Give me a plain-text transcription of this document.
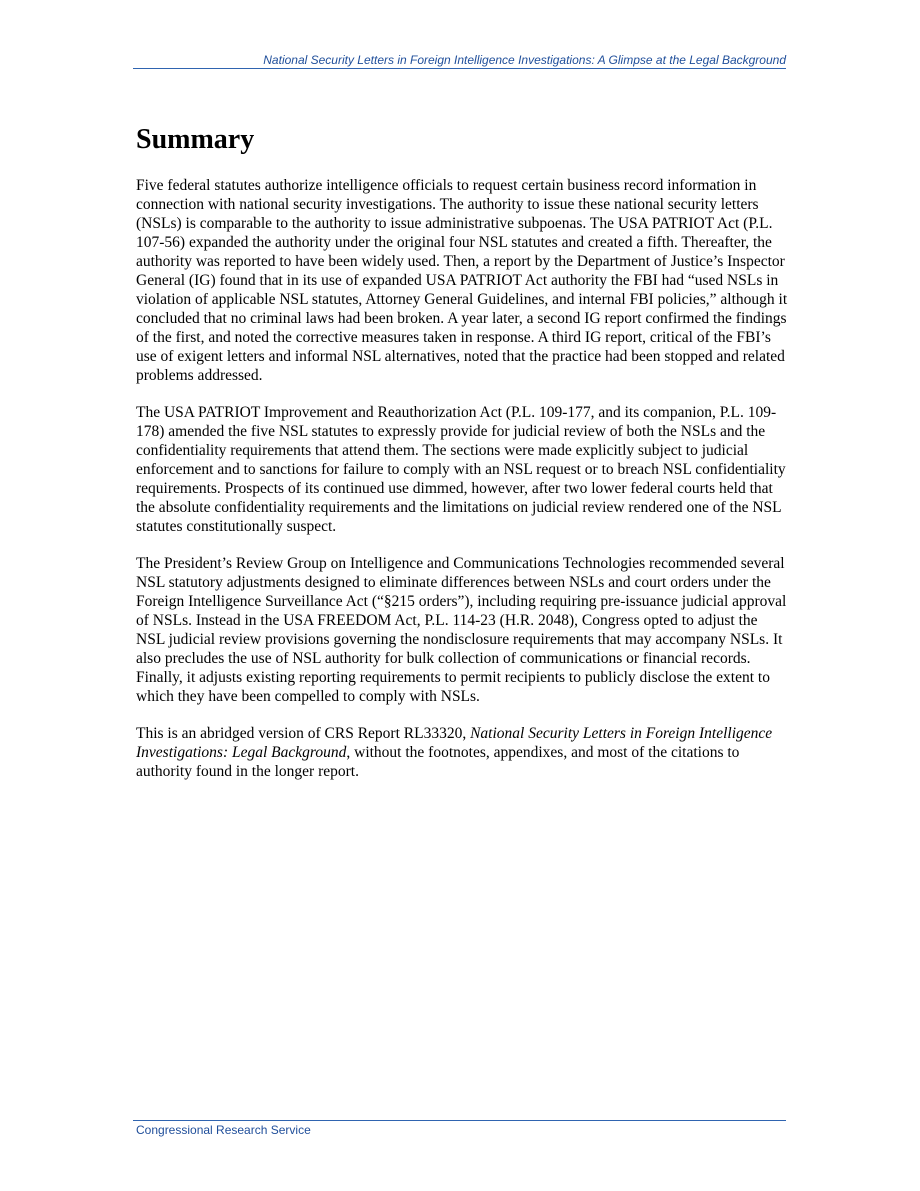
National Security Letters in Foreign Intelligence Investigations: A Glimpse at the Legal Background
Summary

Five federal statutes authorize intelligence officials to request certain business record information in connection with national security investigations. The authority to issue these national security letters (NSLs) is comparable to the authority to issue administrative subpoenas. The USA PATRIOT Act (P.L. 107-56) expanded the authority under the original four NSL statutes and created a fifth. Thereafter, the authority was reported to have been widely used. Then, a report by the Department of Justice’s Inspector General (IG) found that in its use of expanded USA PATRIOT Act authority the FBI had “used NSLs in violation of applicable NSL statutes, Attorney General Guidelines, and internal FBI policies,” although it concluded that no criminal laws had been broken. A year later, a second IG report confirmed the findings of the first, and noted the corrective measures taken in response. A third IG report, critical of the FBI’s use of exigent letters and informal NSL alternatives, noted that the practice had been stopped and related problems addressed.

The USA PATRIOT Improvement and Reauthorization Act (P.L. 109-177, and its companion, P.L. 109-178) amended the five NSL statutes to expressly provide for judicial review of both the NSLs and the confidentiality requirements that attend them. The sections were made explicitly subject to judicial enforcement and to sanctions for failure to comply with an NSL request or to breach NSL confidentiality requirements. Prospects of its continued use dimmed, however, after two lower federal courts held that the absolute confidentiality requirements and the limitations on judicial review rendered one of the NSL statutes constitutionally suspect.

The President’s Review Group on Intelligence and Communications Technologies recommended several NSL statutory adjustments designed to eliminate differences between NSLs and court orders under the Foreign Intelligence Surveillance Act (“§215 orders”), including requiring pre-issuance judicial approval of NSLs. Instead in the USA FREEDOM Act, P.L. 114-23 (H.R. 2048), Congress opted to adjust the NSL judicial review provisions governing the nondisclosure requirements that may accompany NSLs. It also precludes the use of NSL authority for bulk collection of communications or financial records. Finally, it adjusts existing reporting requirements to permit recipients to publicly disclose the extent to which they have been compelled to comply with NSLs.

This is an abridged version of CRS Report RL33320, National Security Letters in Foreign Intelligence Investigations: Legal Background, without the footnotes, appendixes, and most of the citations to authority found in the longer report.

Congressional Research Service
